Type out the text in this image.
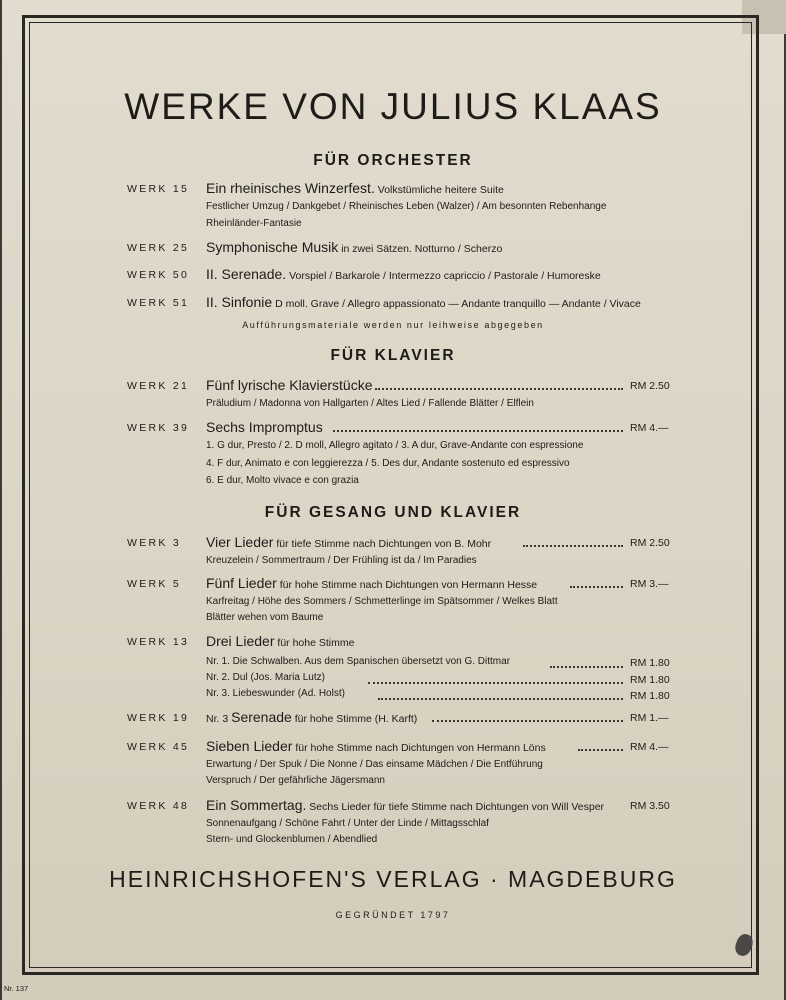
WERKE VON JULIUS KLAAS
FÜR ORCHESTER
WERK 15 Ein rheinisches Winzerfest. Volkstümliche heitere Suite
Festlicher Umzug / Dankgebet / Rheinisches Leben (Walzer) / Am besonnten Rebenhange
Rheinländer-Fantasie
WERK 25 Symphonische Musik in zwei Sätzen. Notturno / Scherzo
WERK 50 II. Serenade. Vorspiel / Barkarole / Intermezzo capriccio / Pastorale / Humoreske
WERK 51 II. Sinfonie D moll. Grave / Allegro appassionato — Andante tranquillo — Andante / Vivace
Aufführungsmateriale werden nur leihweise abgegeben
FÜR KLAVIER
WERK 21 Fünf lyrische Klavierstücke	RM 2.50
Präludium / Madonna von Hallgarten / Altes Lied / Fallende Blätter / Elflein
WERK 39 Sechs Impromptus	RM 4.—
1. G dur, Presto / 2. D moll, Allegro agitato / 3. A dur, Grave-Andante con espressione
4. F dur, Animato e con leggierezza / 5. Des dur, Andante sostenuto ed espressivo
6. E dur, Molto vivace e con grazia
FÜR GESANG UND KLAVIER
WERK 3 Vier Lieder für tiefe Stimme nach Dichtungen von B. Mohr	RM 2.50
Kreuzelein / Sommertraum / Der Frühling ist da / Im Paradies
WERK 5 Fünf Lieder für hohe Stimme nach Dichtungen von Hermann Hesse	RM 3.—
Karfreitag / Höhe des Sommers / Schmetterlinge im Spätsommer / Welkes Blatt
Blätter wehen vom Baume
WERK 13 Drei Lieder für hohe Stimme
Nr. 1. Die Schwalben. Aus dem Spanischen übersetzt von G. Dittmar	RM 1.80
Nr. 2. Dul (Jos. Maria Lutz)	RM 1.80
Nr. 3. Liebeswunder (Ad. Holst)	RM 1.80
WERK 19 Nr. 3 Serenade für hohe Stimme (H. Karft)	RM 1.—
WERK 45 Sieben Lieder für hohe Stimme nach Dichtungen von Hermann Löns	RM 4.—
Erwartung / Der Spuk / Die Nonne / Das einsame Mädchen / Die Entführung
Verspruch / Der gefährliche Jägersmann
WERK 48 Ein Sommertag. Sechs Lieder für tiefe Stimme nach Dichtungen von Will Vesper RM 3.50
Sonnenaufgang / Schöne Fahrt / Unter der Linde / Mittagsschlaf
Stern- und Glockenblumen / Abendlied
HEINRICHSHOFEN'S VERLAG · MAGDEBURG
GEGRÜNDET 1797
Nr. 137
